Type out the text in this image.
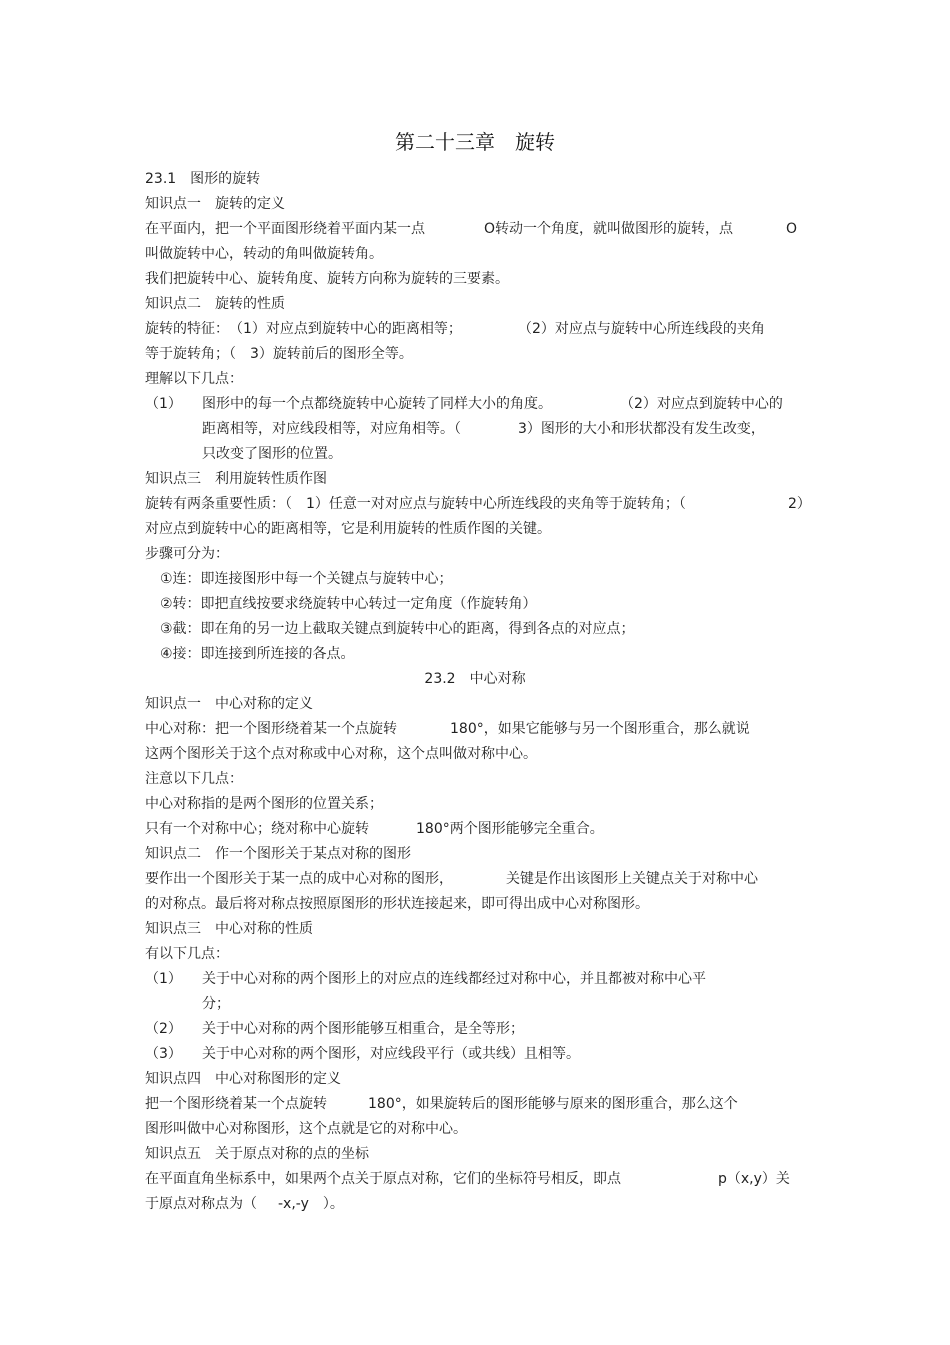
第二十三章　旋转
23.1　图形的旋转
知识点一　旋转的定义
在平面内，把一个平面图形绕着平面内某一点	O转动一个角度，就叫做图形的旋转，点	O
叫做旋转中心，转动的角叫做旋转角。
我们把旋转中心、旋转角度、旋转方向称为旋转的三要素。
知识点二　旋转的性质
旋转的特征：　（1）对应点到旋转中心的距离相等；	（2）对应点与旋转中心所连线段的夹角
等于旋转角；（　3）旋转前后的图形全等。
理解以下几点：
（1） 图形中的每一个点都绕旋转中心旋转了同样大小的角度。	（2）对应点到旋转中心的
距离相等，对应线段相等，对应角相等。（	3）图形的大小和形状都没有发生改变，
只改变了图形的位置。
知识点三　利用旋转性质作图
旋转有两条重要性质：（　1）任意一对对应点与旋转中心所连线段的夹角等于旋转角；（	2）
对应点到旋转中心的距离相等，它是利用旋转的性质作图的关键。
步骤可分为：
①连：即连接图形中每一个关键点与旋转中心；
②转：即把直线按要求绕旋转中心转过一定角度（作旋转角）
③截：即在角的另一边上截取关键点到旋转中心的距离，得到各点的对应点；
④接：即连接到所连接的各点。
23.2　中心对称
知识点一　中心对称的定义
中心对称：把一个图形绕着某一个点旋转	180°，如果它能够与另一个图形重合，那么就说
这两个图形关于这个点对称或中心对称，这个点叫做对称中心。
注意以下几点：
中心对称指的是两个图形的位置关系；
只有一个对称中心；绕对称中心旋转	180°两个图形能够完全重合。
知识点二　作一个图形关于某点对称的图形
要作出一个图形关于某一点的成中心对称的图形，	关键是作出该图形上关键点关于对称中心
的对称点。最后将对称点按照原图形的形状连接起来，即可得出成中心对称图形。
知识点三　中心对称的性质
有以下几点：
（1） 关于中心对称的两个图形上的对应点的连线都经过对称中心，并且都被对称中心平
分；
（2） 关于中心对称的两个图形能够互相重合，是全等形；
（3） 关于中心对称的两个图形，对应线段平行（或共线）且相等。
知识点四　中心对称图形的定义
把一个图形绕着某一个点旋转	180°，如果旋转后的图形能够与原来的图形重合，那么这个
图形叫做中心对称图形，这个点就是它的对称中心。
知识点五　关于原点对称的点的坐标
在平面直角坐标系中，如果两个点关于原点对称，它们的坐标符号相反，即点	p（x,y）关
于原点对称点为（ -x,-y　）。
